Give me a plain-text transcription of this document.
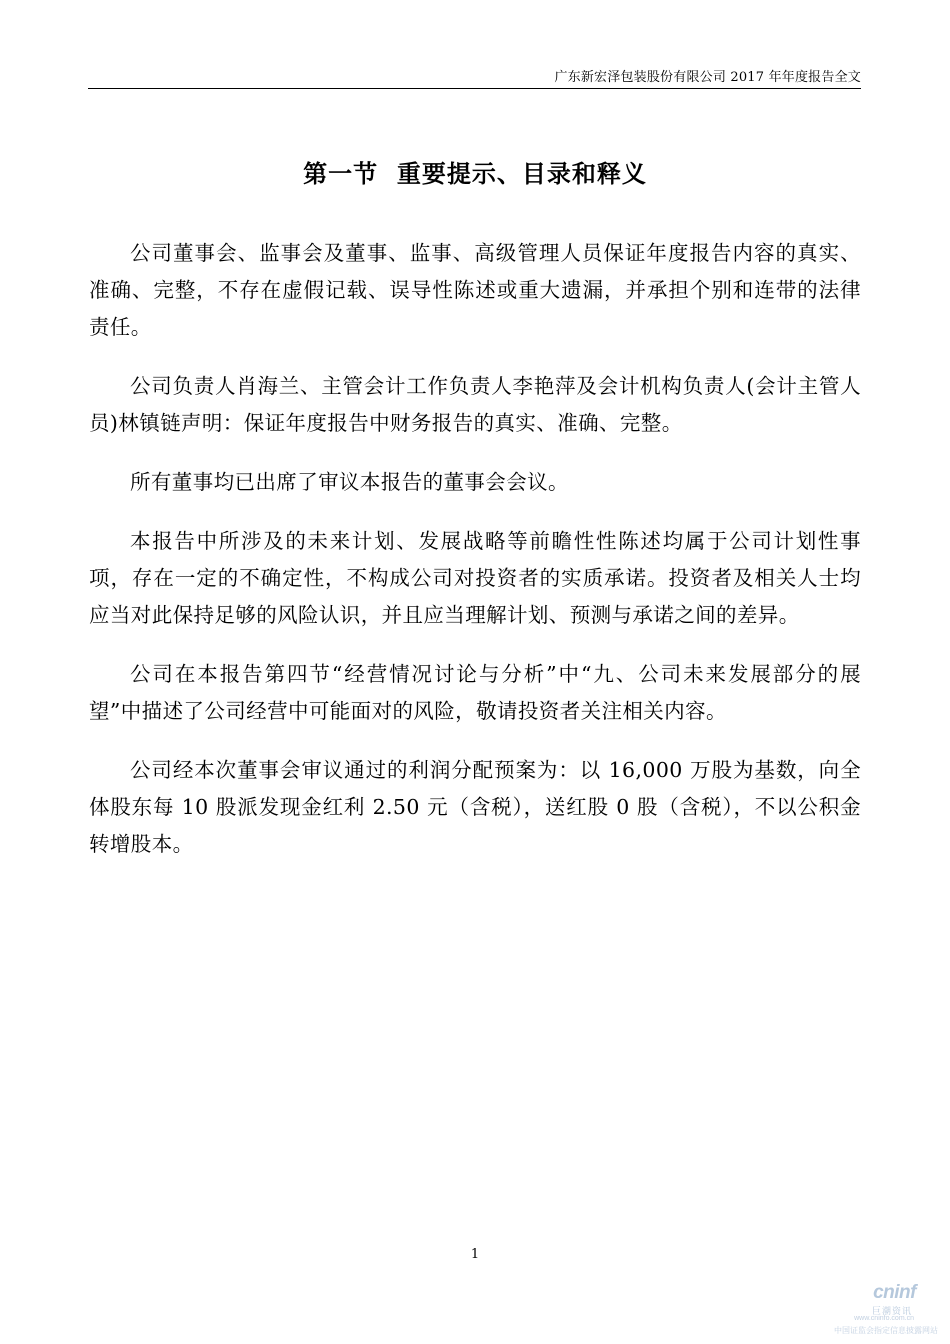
广东新宏泽包装股份有限公司 2017 年年度报告全文
第一节  重要提示、目录和释义

公司董事会、监事会及董事、监事、高级管理人员保证年度报告内容的真实、准确、完整，不存在虚假记载、误导性陈述或重大遗漏，并承担个别和连带的法律责任。

公司负责人肖海兰、主管会计工作负责人李艳萍及会计机构负责人(会计主管人员)林镇链声明：保证年度报告中财务报告的真实、准确、完整。

所有董事均已出席了审议本报告的董事会会议。

本报告中所涉及的未来计划、发展战略等前瞻性性陈述均属于公司计划性事项，存在一定的不确定性，不构成公司对投资者的实质承诺。投资者及相关人士均应当对此保持足够的风险认识，并且应当理解计划、预测与承诺之间的差异。

公司在本报告第四节“经营情况讨论与分析”中“九、公司未来发展部分的展望”中描述了公司经营中可能面对的风险，敬请投资者关注相关内容。

公司经本次董事会审议通过的利润分配预案为：以 16,000 万股为基数，向全体股东每 10 股派发现金红利 2.50 元（含税），送红股 0 股（含税），不以公积金转增股本。

1
cninf
巨潮资讯
www.cninfo.com.cn
中国证监会指定信息披露网站
